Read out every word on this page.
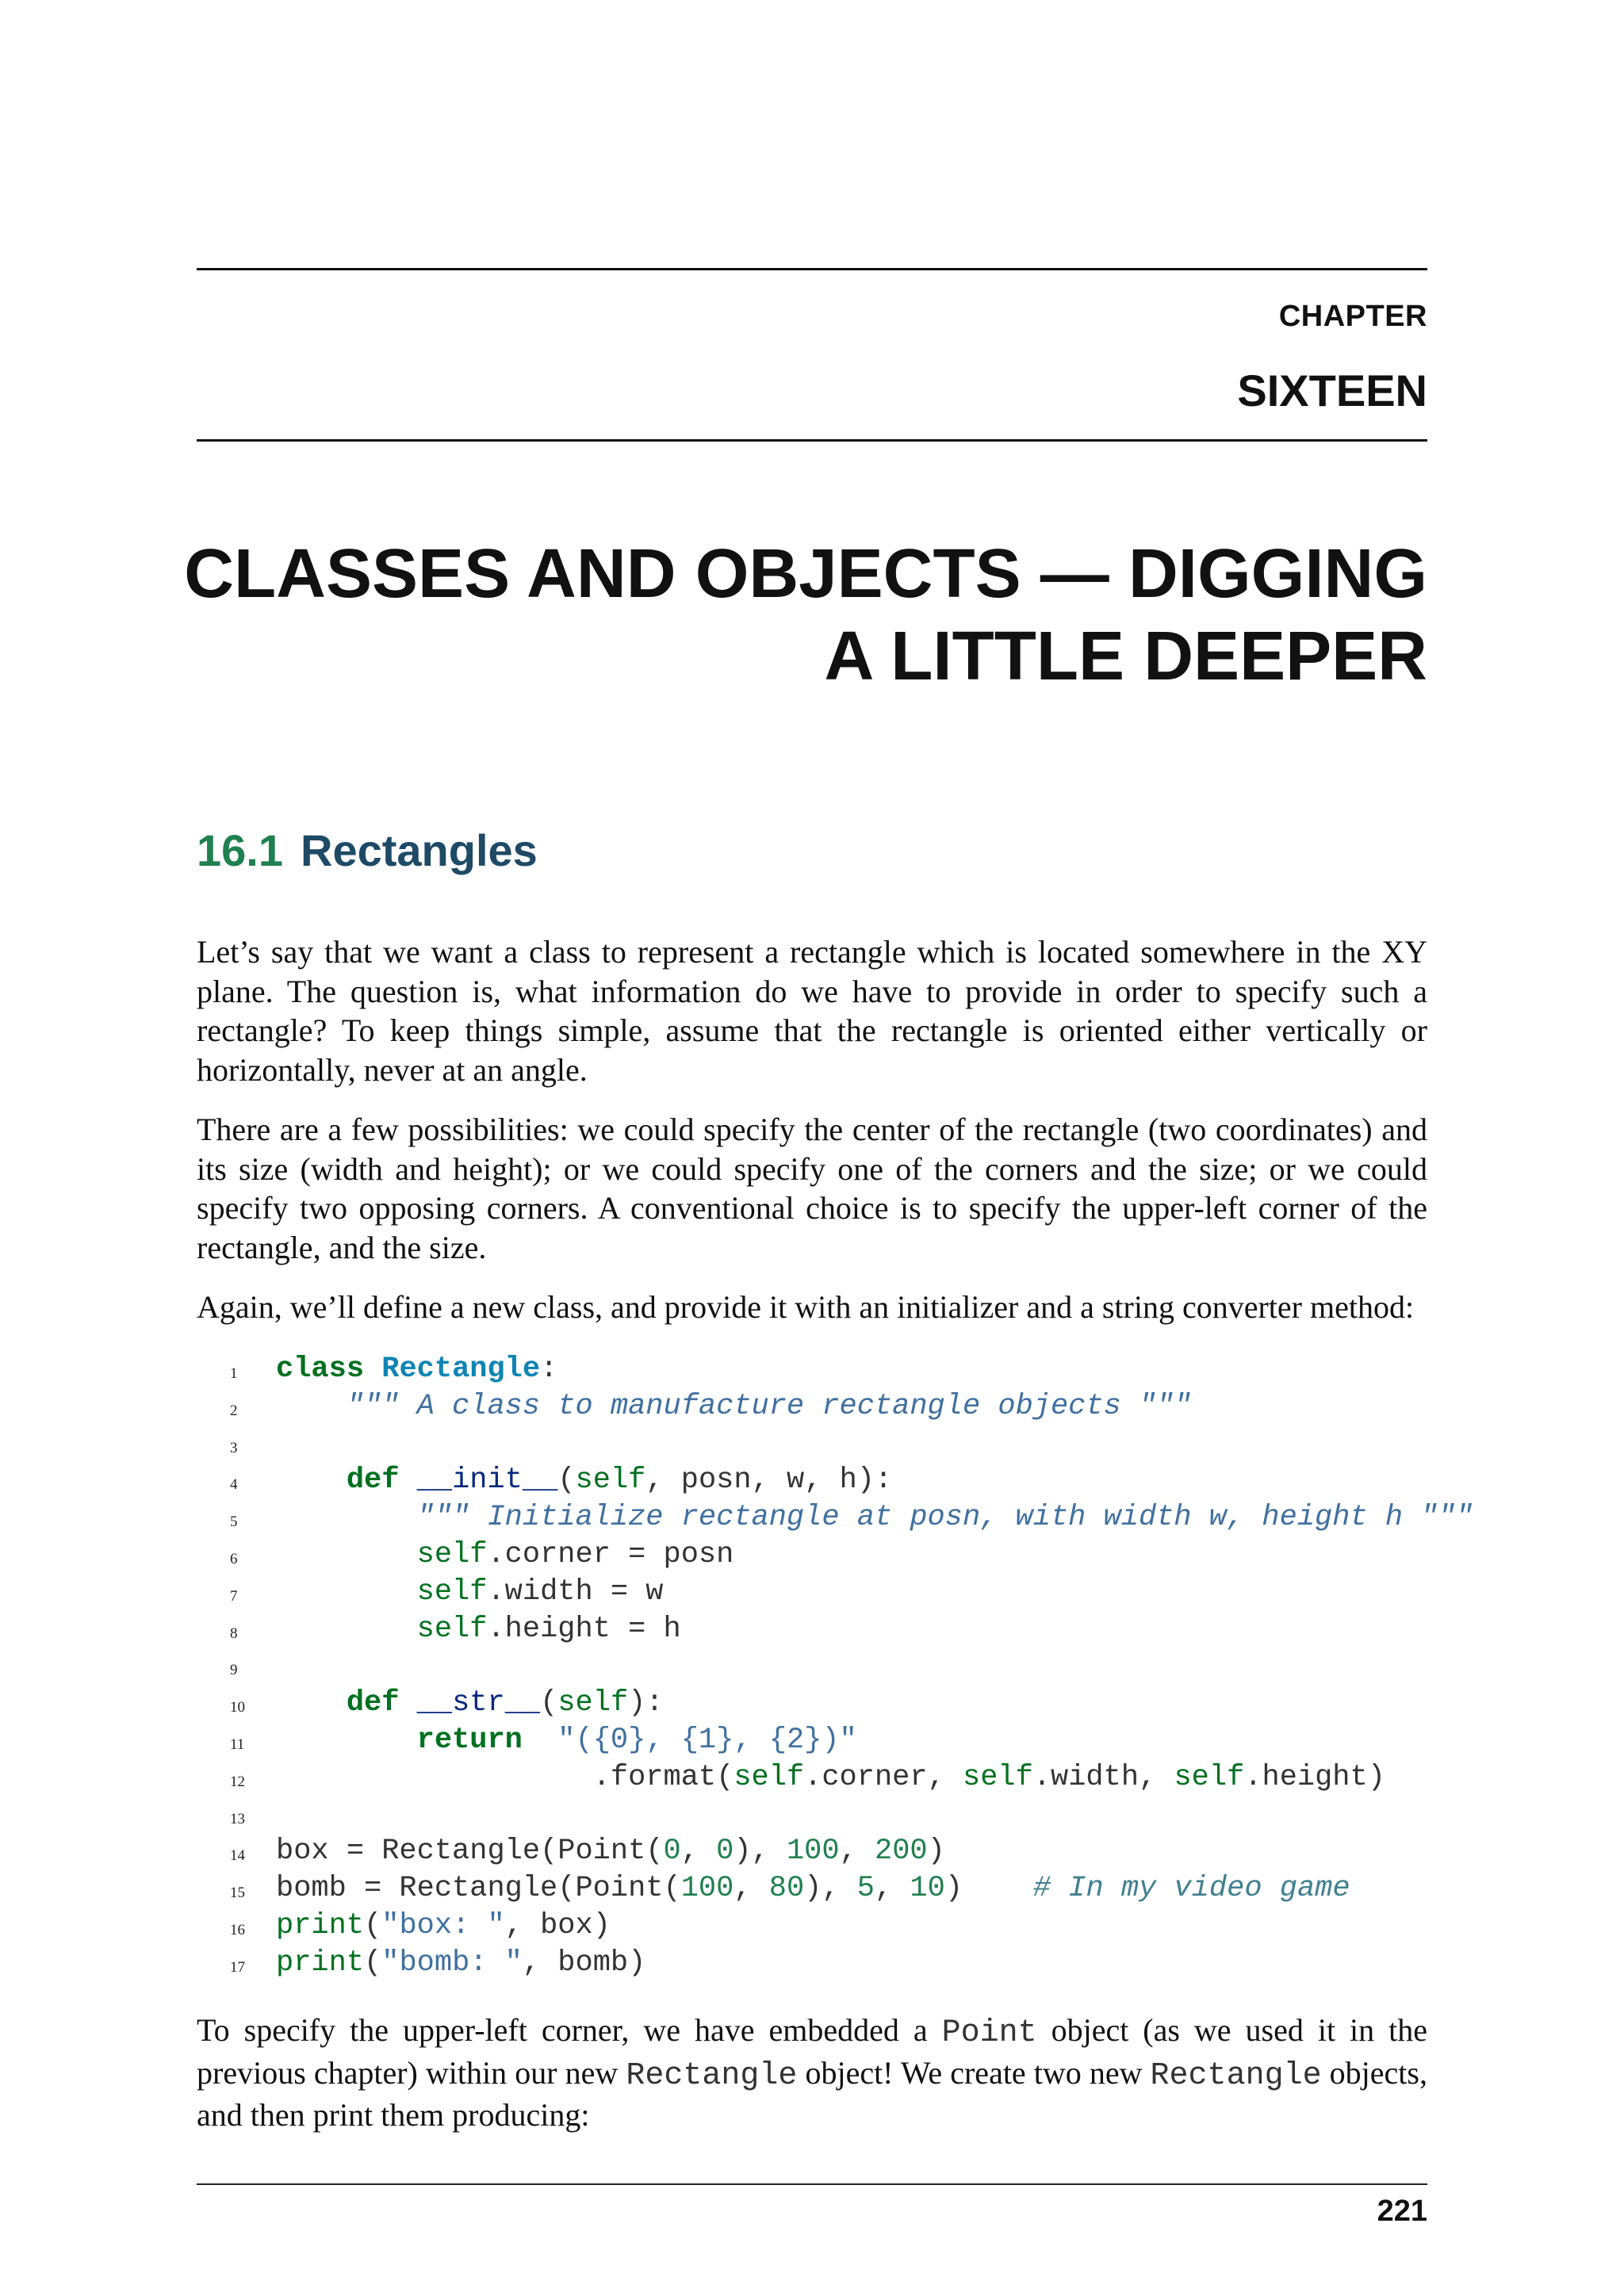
CHAPTER
SIXTEEN
CLASSES AND OBJECTS — DIGGING
A LITTLE DEEPER
16.1 Rectangles
Let’s say that we want a class to represent a rectangle which is located somewhere in the XY plane. The question is, what information do we have to provide in order to specify such a rectangle? To keep things simple, assume that the rectangle is oriented either vertically or horizontally, never at an angle.
There are a few possibilities: we could specify the center of the rectangle (two coordinates) and its size (width and height); or we could specify one of the corners and the size; or we could specify two opposing corners. A conventional choice is to specify the upper-left corner of the rectangle, and the size.
Again, we’ll define a new class, and provide it with an initializer and a string converter method:

1

class Rectangle:

2

	""" A class to manufacture rectangle objects """

3

4

	def __init__(self, posn, w, h):

5

	""" Initialize rectangle at posn, with width w, height h """

6

	self.corner = posn

7

	self.width = w

8

	self.height = h

9

10

	def __str__(self):

11

	return "({0}, {1}, {2})"

12

	.format(self.corner, self.width, self.height)

13

14

box = Rectangle(Point(0, 0), 100, 200)

15

bomb = Rectangle(Point(100, 80), 5, 10) # In my video game

16

print("box: ", box)

17

print("bomb: ", bomb)

To specify the upper-left corner, we have embedded a Point object (as we used it in the previous chapter) within our new Rectangle object! We create two new Rectangle objects, and then print them producing:
221
